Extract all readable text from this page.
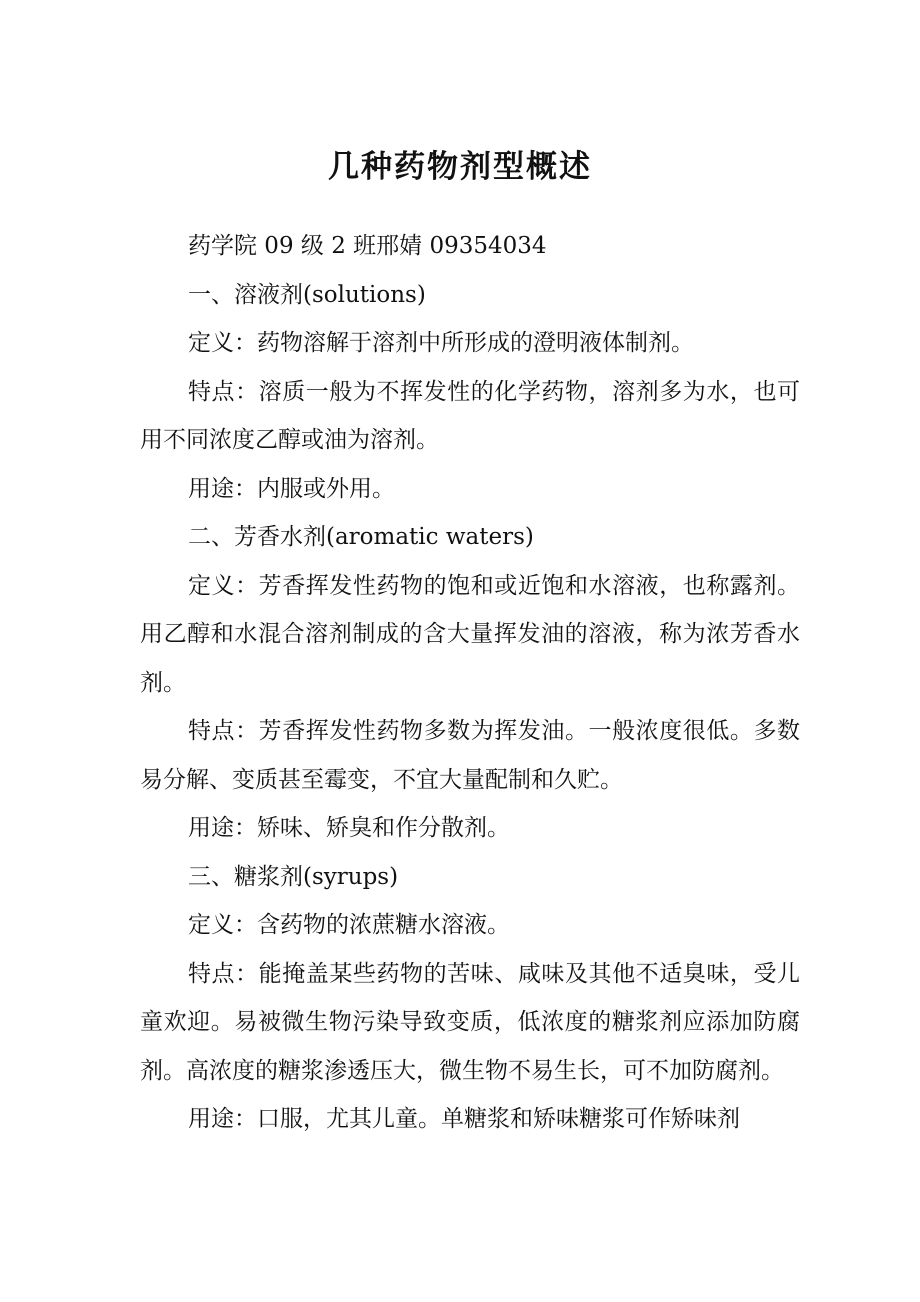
几种药物剂型概述

药学院 09 级 2 班邢婧 09354034

一、溶液剂(solutions)

定义：药物溶解于溶剂中所形成的澄明液体制剂。

特点：溶质一般为不挥发性的化学药物，溶剂多为水，也可用不同浓度乙醇或油为溶剂。

用途：内服或外用。

二、芳香水剂(aromatic waters)

定义：芳香挥发性药物的饱和或近饱和水溶液，也称露剂。用乙醇和水混合溶剂制成的含大量挥发油的溶液，称为浓芳香水剂。

特点：芳香挥发性药物多数为挥发油。一般浓度很低。多数易分解、变质甚至霉变，不宜大量配制和久贮。

用途：矫味、矫臭和作分散剂。

三、糖浆剂(syrups)

定义：含药物的浓蔗糖水溶液。

特点：能掩盖某些药物的苦味、咸味及其他不适臭味，受儿童欢迎。易被微生物污染导致变质，低浓度的糖浆剂应添加防腐剂。高浓度的糖浆渗透压大，微生物不易生长，可不加防腐剂。

用途：口服，尤其儿童。单糖浆和矫味糖浆可作矫味剂
